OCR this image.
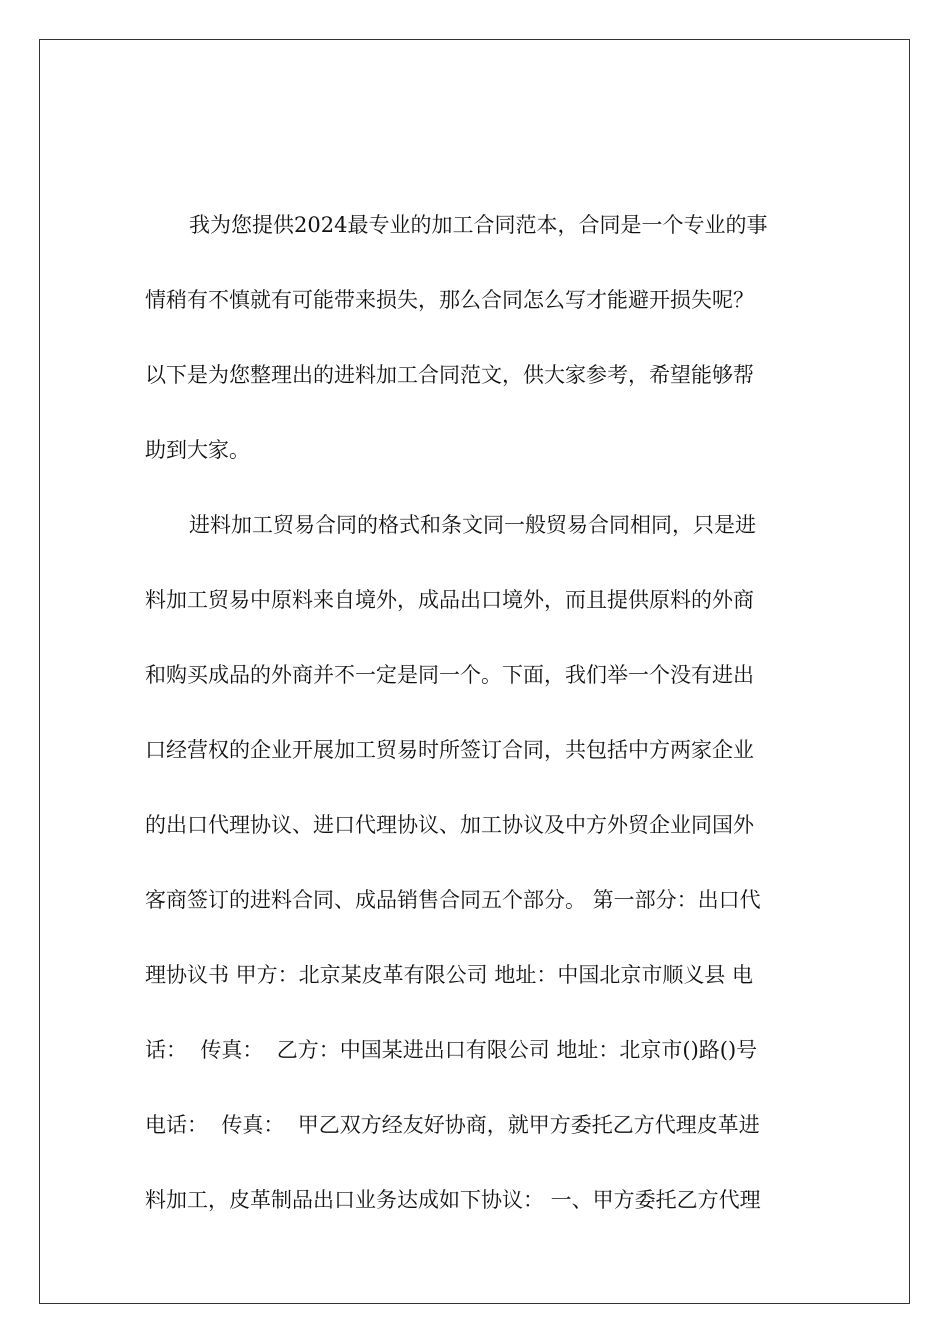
我为您提供2024最专业的加工合同范本，合同是一个专业的事
情稍有不慎就有可能带来损失，那么合同怎么写才能避开损失呢？
以下是为您整理出的进料加工合同范文，供大家参考，希望能够帮
助到大家。
进料加工贸易合同的格式和条文同一般贸易合同相同，只是进
料加工贸易中原料来自境外，成品出口境外，而且提供原料的外商
和购买成品的外商并不一定是同一个。下面，我们举一个没有进出
口经营权的企业开展加工贸易时所签订合同，共包括中方两家企业
的出口代理协议、进口代理协议、加工协议及中方外贸企业同国外
客商签订的进料合同、成品销售合同五个部分。 第一部分：出口代
理协议书 甲方：北京某皮革有限公司 地址：中国北京市顺义县 电
话：  传真：  乙方：中国某进出口有限公司 地址：北京市()路()号
电话：  传真：  甲乙双方经友好协商，就甲方委托乙方代理皮革进
料加工，皮革制品出口业务达成如下协议： 一、甲方委托乙方代理
